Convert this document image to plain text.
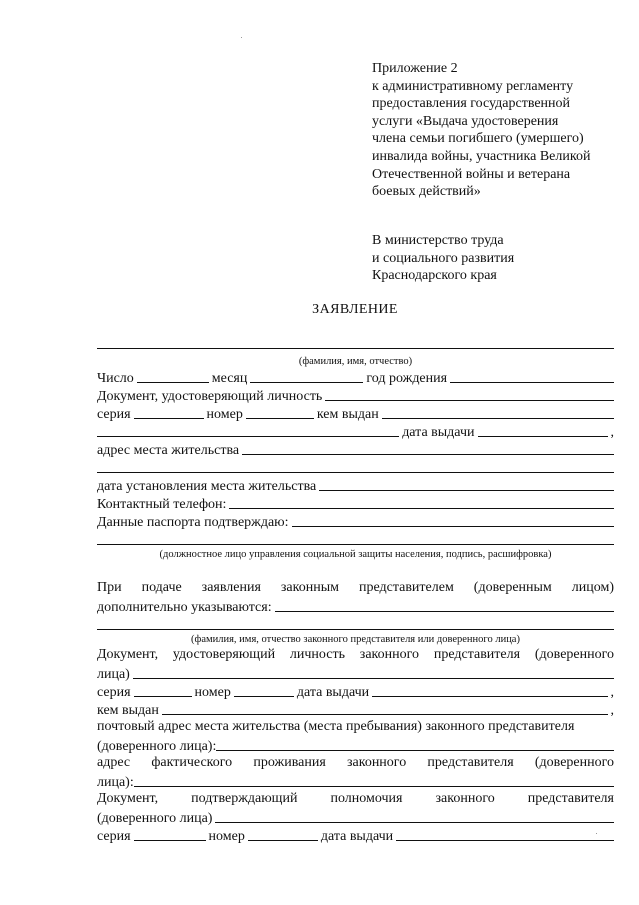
Приложение 2
к административному регламенту
предоставления государственной
услуги «Выдача удостоверения
члена семьи погибшего (умершего)
инвалида войны, участника Великой
Отечественной войны и ветерана
боевых действий»
В министерство труда
и социального развития
Краснодарского края
ЗАЯВЛЕНИЕ
(фамилия, имя, отчество)
Число	месяц	год рождения
Документ, удостоверяющий личность
серия	номер	кем выдан
дата выдачи	,
адрес места жительства
дата установления места жительства
Контактный телефон:
Данные паспорта подтверждаю:
(должностное лицо управления социальной защиты населения, подпись, расшифровка)
При подаче заявления законным представителем (доверенным лицом)
дополнительно указываются:
(фамилия, имя, отчество законного представителя или доверенного лица)
Документ, удостоверяющий личность законного представителя (доверенного
лица)
серия	номер	дата выдачи	,
кем выдан	,
почтовый адрес места жительства (места пребывания) законного представителя
(доверенного лица):
адрес фактического проживания законного представителя (доверенного
лица):
Документ, подтверждающий полномочия законного представителя
(доверенного лица)
серия	номер	дата выдачи
